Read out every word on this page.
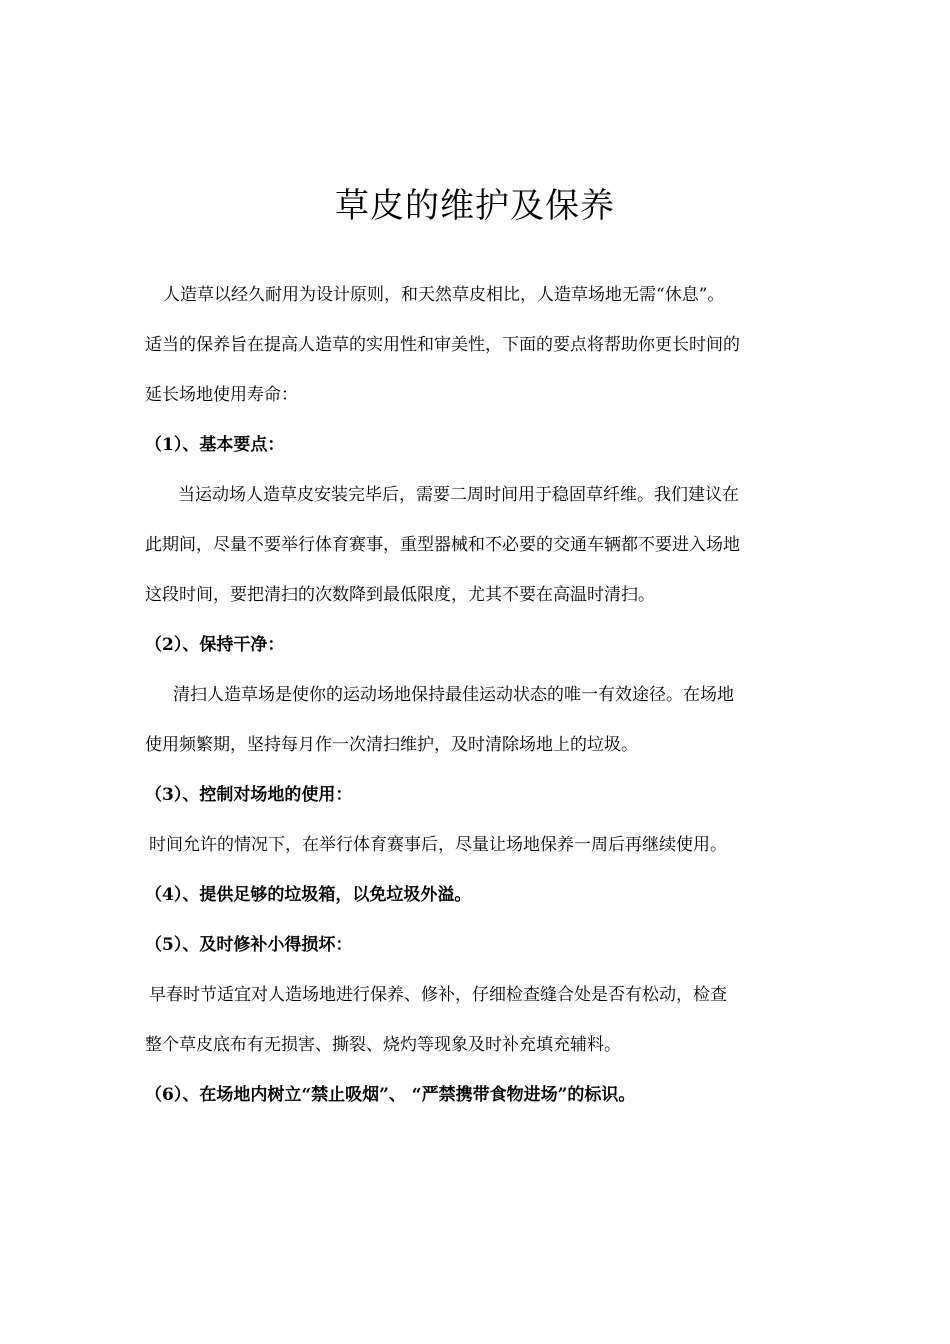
草皮的维护及保养

人造草以经久耐用为设计原则，和天然草皮相比，人造草场地无需“休息”。

适当的保养旨在提高人造草的实用性和审美性，下面的要点将帮助你更长时间的

延长场地使用寿命：

（1）、基本要点：

当运动场人造草皮安装完毕后，需要二周时间用于稳固草纤维。我们建议在

此期间，尽量不要举行体育赛事，重型器械和不必要的交通车辆都不要进入场地

这段时间，要把清扫的次数降到最低限度，尤其不要在高温时清扫。

（2）、保持干净：

清扫人造草场是使你的运动场地保持最佳运动状态的唯一有效途径。在场地

使用频繁期，坚持每月作一次清扫维护，及时清除场地上的垃圾。

（3）、控制对场地的使用：

时间允许的情况下，在举行体育赛事后，尽量让场地保养一周后再继续使用。

（4）、提供足够的垃圾箱，以免垃圾外溢。

（5）、及时修补小得损坏：

早春时节适宜对人造场地进行保养、修补，仔细检查缝合处是否有松动，检查

整个草皮底布有无损害、撕裂、烧灼等现象及时补充填充辅料。

（6）、在场地内树立“禁止吸烟”、 “严禁携带食物进场”的标识。
